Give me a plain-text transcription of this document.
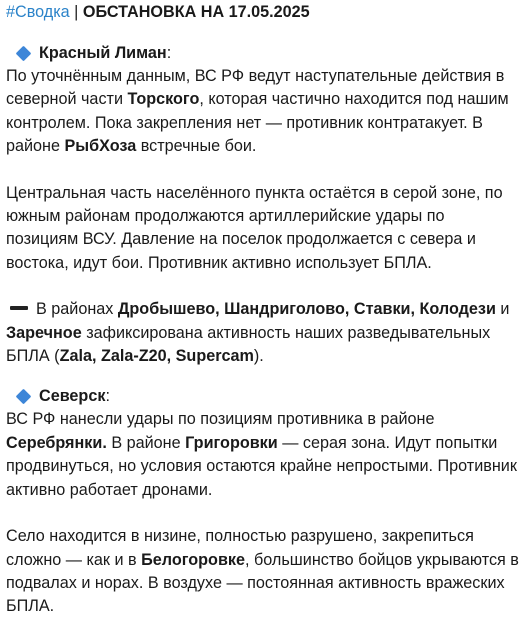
#Сводка | ОБСТАНОВКА НА 17.05.2025
Красный Лиман :

По уточнённым данным, ВС РФ ведут наступательные действия в северной части Торского, которая частично находится под нашим контролем. Пока закрепления нет — противник контратакует. В районе РыбХоза встречные бои.

Центральная часть населённого пункта остаётся в серой зоне, по южным районам продолжаются артиллерийские удары по позициям ВСУ. Давление на поселок продолжается с севера и востока, идут бои. Противник активно использует БПЛА.

В районах Дробышево, Шандриголово, Ставки, Колодези и Заречное зафиксирована активность наших разведывательных БПЛА (Zala, Zala-Z20, Supercam).

Северск :

ВС РФ нанесли удары по позициям противника в районе Серебрянки. В районе Григоровки — серая зона. Идут попытки продвинуться, но условия остаются крайне непростыми. Противник активно работает дронами.

Село находится в низине, полностью разрушено, закрепиться сложно — как и в Белогоровке, большинство бойцов укрываются в подвалах и норах. В воздухе — постоянная активность вражеских БПЛА.
